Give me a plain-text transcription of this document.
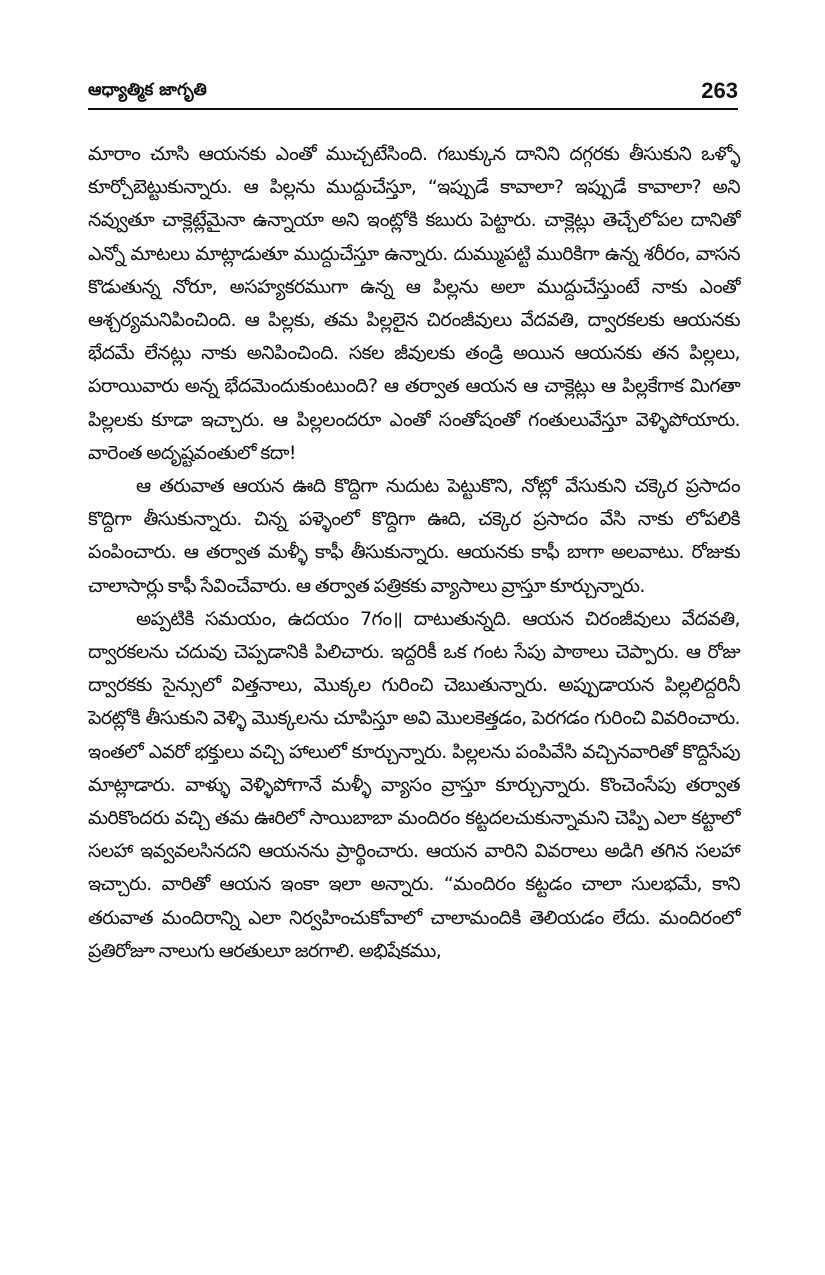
ఆధ్యాత్మిక జాగృతి	263

మారాం చూసి ఆయనకు ఎంతో ముచ్చటేసింది. గబుక్కున దానిని దగ్గరకు తీసుకుని ఒళ్ళో కూర్చోబెట్టుకున్నారు. ఆ పిల్లను ముద్దుచేస్తూ, “ఇప్పుడే కావాలా? ఇప్పుడే కావాలా? అని నవ్వుతూ చాక్లెట్లేమైనా ఉన్నాయా అని ఇంట్లోకి కబురు పెట్టారు. చాక్లెట్లు తెచ్చేలోపల దానితో ఎన్నో మాటలు మాట్లాడుతూ ముద్దుచేస్తూ ఉన్నారు. దుమ్ముపట్టి మురికిగా ఉన్న శరీరం, వాసన కొడుతున్న నోరూ, అసహ్యకరముగా ఉన్న ఆ పిల్లను అలా ముద్దుచేస్తుంటే నాకు ఎంతో ఆశ్చర్యమనిపించింది. ఆ పిల్లకు, తమ పిల్లలైన చిరంజీవులు వేదవతి, ద్వారకలకు ఆయనకు భేదమే లేనట్లు నాకు అనిపించింది. సకల జీవులకు తండ్రి అయిన ఆయనకు తన పిల్లలు, పరాయివారు అన్న భేదమెందుకుంటుంది? ఆ తర్వాత ఆయన ఆ చాక్లెట్లు ఆ పిల్లకేగాక మిగతా పిల్లలకు కూడా ఇచ్చారు. ఆ పిల్లలందరూ ఎంతో సంతోషంతో గంతులువేస్తూ వెళ్ళిపోయారు. వారెంత అదృష్టవంతులో కదా!

ఆ తరువాత ఆయన ఊది కొద్దిగా నుదుట పెట్టుకొని, నోట్లో వేసుకుని చక్కెర ప్రసాదం కొద్దిగా తీసుకున్నారు. చిన్న పళ్ళెంలో కొద్దిగా ఊది, చక్కెర ప్రసాదం వేసి నాకు లోపలికి పంపించారు. ఆ తర్వాత మళ్ళీ కాఫీ తీసుకున్నారు. ఆయనకు కాఫీ బాగా అలవాటు. రోజుకు చాలాసార్లు కాఫీ సేవించేవారు. ఆ తర్వాత పత్రికకు వ్యాసాలు వ్రాస్తూ కూర్చున్నారు.

అప్పటికి సమయం, ఉదయం 7గం॥ దాటుతున్నది. ఆయన చిరంజీవులు వేదవతి, ద్వారకలను చదువు చెప్పడానికి పిలిచారు. ఇద్దరికీ ఒక గంట సేపు పాఠాలు చెప్పారు. ఆ రోజు ద్వారకకు సైన్సులో విత్తనాలు, మొక్కల గురించి చెబుతున్నారు. అప్పుడాయన పిల్లలిద్దరినీ పెరట్లోకి తీసుకుని వెళ్ళి మొక్కలను చూపిస్తూ అవి మొలకెత్తడం, పెరగడం గురించి వివరించారు. ఇంతలో ఎవరో భక్తులు వచ్చి హాలులో కూర్చున్నారు. పిల్లలను పంపివేసి వచ్చినవారితో కొద్దిసేపు మాట్లాడారు. వాళ్ళు వెళ్ళిపోగానే మళ్ళీ వ్యాసం వ్రాస్తూ కూర్చున్నారు. కొంచెంసేపు తర్వాత మరికొందరు వచ్చి తమ ఊరిలో సాయిబాబా మందిరం కట్టదలచుకున్నామని చెప్పి ఎలా కట్టాలో సలహా ఇవ్వవలసినదని ఆయనను ప్రార్థించారు. ఆయన వారిని వివరాలు అడిగి తగిన సలహా ఇచ్చారు. వారితో ఆయన ఇంకా ఇలా అన్నారు. “మందిరం కట్టడం చాలా సులభమే, కాని తరువాత మందిరాన్ని ఎలా నిర్వహించుకోవాలో చాలామందికి తెలియడం లేదు. మందిరంలో ప్రతిరోజూ నాలుగు ఆరతులూ జరగాలి. అభిషేకము,
